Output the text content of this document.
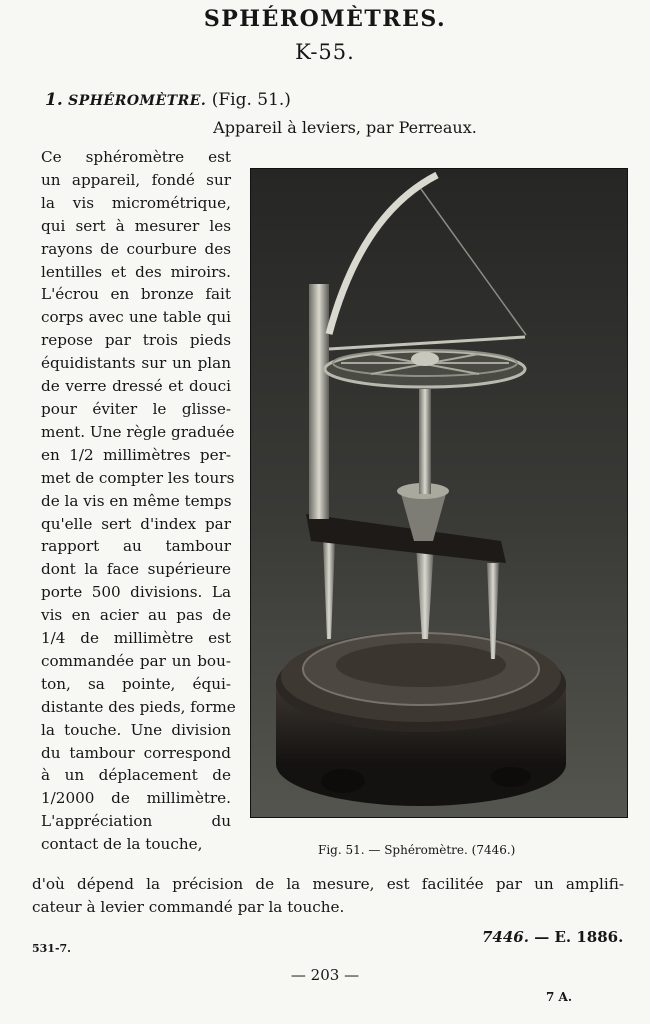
SPHÉROMÈTRES.
K-55.
1. SPHÉROMÈTRE. (Fig. 51.)
Appareil à leviers, par Perreaux.
Ce sphéromètre est
un appareil, fondé sur
la vis micrométrique,
qui sert à mesurer les
rayons de courbure des
lentilles et des miroirs.
L'écrou en bronze fait
corps avec une table qui
repose par trois pieds
équidistants sur un plan
de verre dressé et douci
pour éviter le glisse-
ment. Une règle graduée
en 1/2 millimètres per-
met de compter les tours
de la vis en même temps
qu'elle sert d'index par
rapport au tambour
dont la face supérieure
porte 500 divisions. La
vis en acier au pas de
1/4 de millimètre est
commandée par un bou-
ton, sa pointe, équi-
distante des pieds, forme
la touche. Une division
du tambour correspond
à un déplacement de
1/2000 de millimètre.
L'appréciation du
contact de la touche,	Fig. 51. — Sphéromètre. (7446.)
d'où dépend la précision de la mesure, est facilitée par un amplifi-
cateur à levier commandé par la touche.
7446. — E. 1886.
531-7.
— 203 —
7 A.
